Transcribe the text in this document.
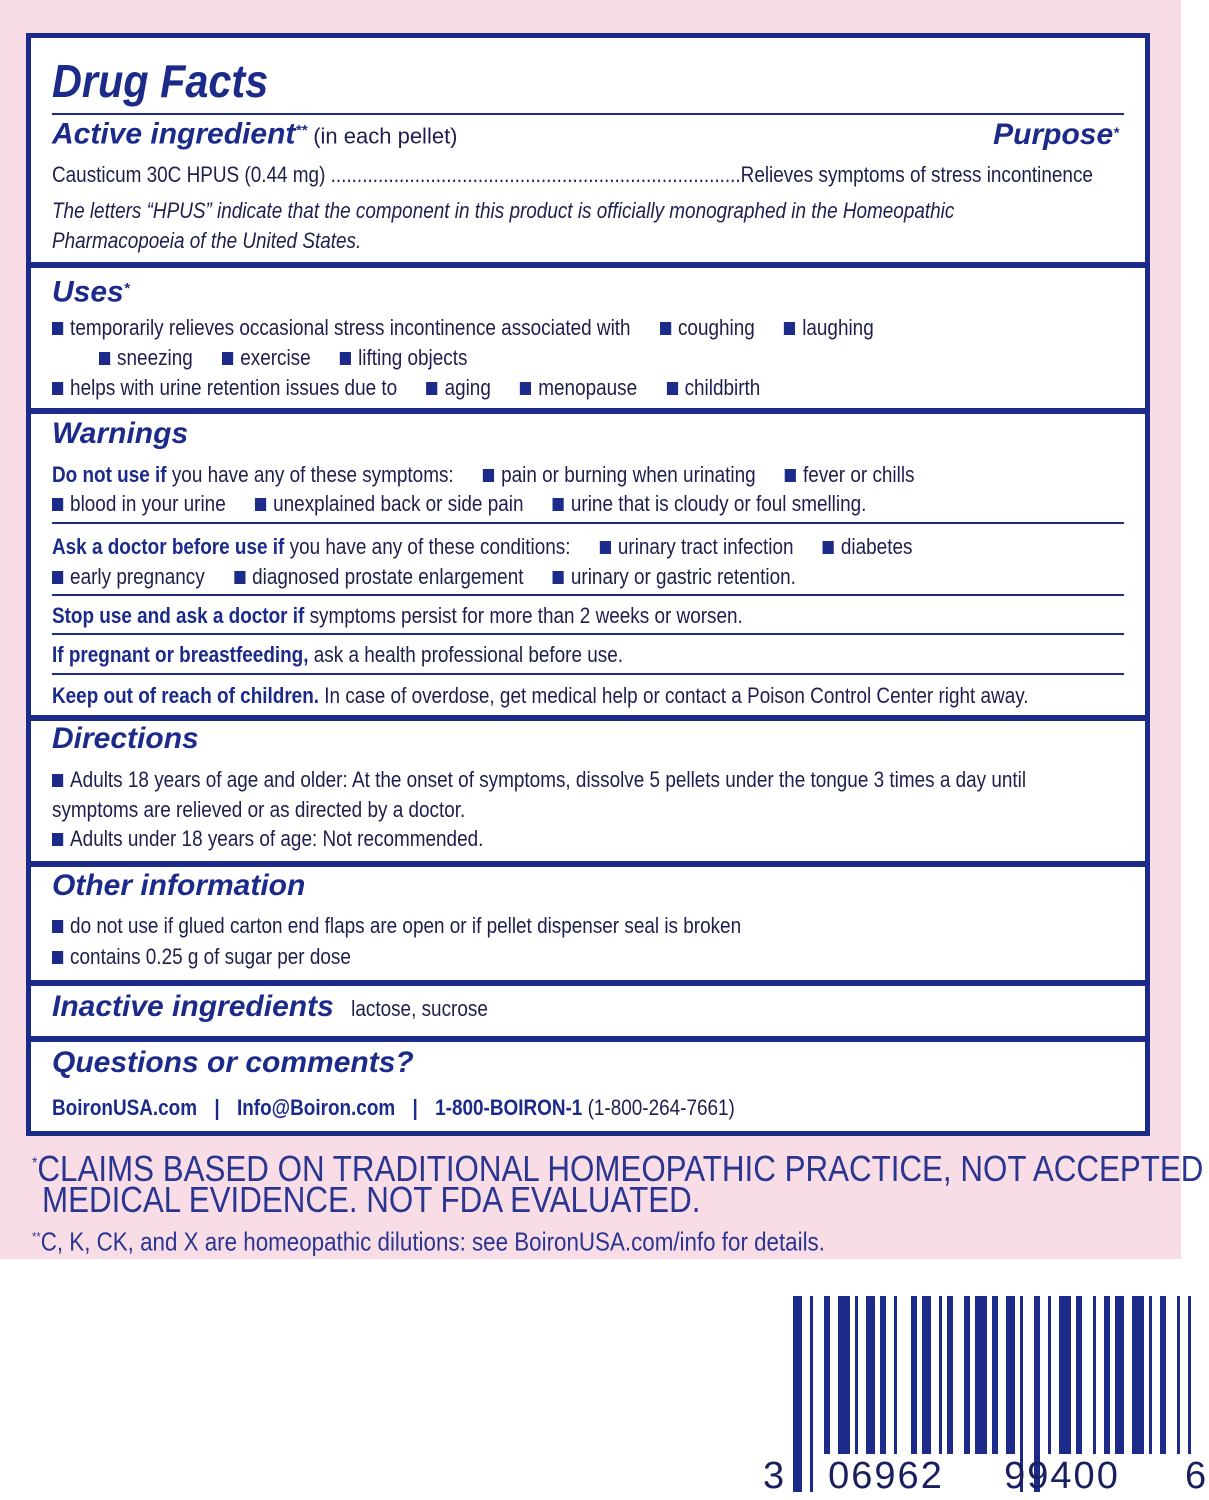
Drug Facts
Active ingredient** (in each pellet)	Purpose*
Causticum 30C HPUS (0.44 mg) ..............................................................................Relieves symptoms of stress incontinence
The letters “HPUS” indicate that the component in this product is officially monographed in the Homeopathic
Pharmacopoeia of the United States.
Uses*
temporarily relieves occasional stress incontinence associated with coughing laughing
sneezing exercise lifting objects
helps with urine retention issues due to aging menopause childbirth
Warnings
Do not use if you have any of these symptoms: pain or burning when urinating fever or chills
blood in your urine unexplained back or side pain urine that is cloudy or foul smelling.
Ask a doctor before use if you have any of these conditions: urinary tract infection diabetes
early pregnancy diagnosed prostate enlargement urinary or gastric retention.
Stop use and ask a doctor if symptoms persist for more than 2 weeks or worsen.
If pregnant or breastfeeding, ask a health professional before use.
Keep out of reach of children. In case of overdose, get medical help or contact a Poison Control Center right away.
Directions
Adults 18 years of age and older: At the onset of symptoms, dissolve 5 pellets under the tongue 3 times a day until
symptoms are relieved or as directed by a doctor.
Adults under 18 years of age: Not recommended.
Other information
do not use if glued carton end flaps are open or if pellet dispenser seal is broken
contains 0.25 g of sugar per dose
Inactive ingredients lactose, sucrose
Questions or comments?
BoironUSA.com | Info@Boiron.com | 1-800-BOIRON-1 (1-800-264-7661)
*CLAIMS BASED ON TRADITIONAL HOMEOPATHIC PRACTICE, NOT ACCEPTED
MEDICAL EVIDENCE. NOT FDA EVALUATED.
**C, K, CK, and X are homeopathic dilutions: see BoironUSA.com/info for details.
3	06962	99400	6
